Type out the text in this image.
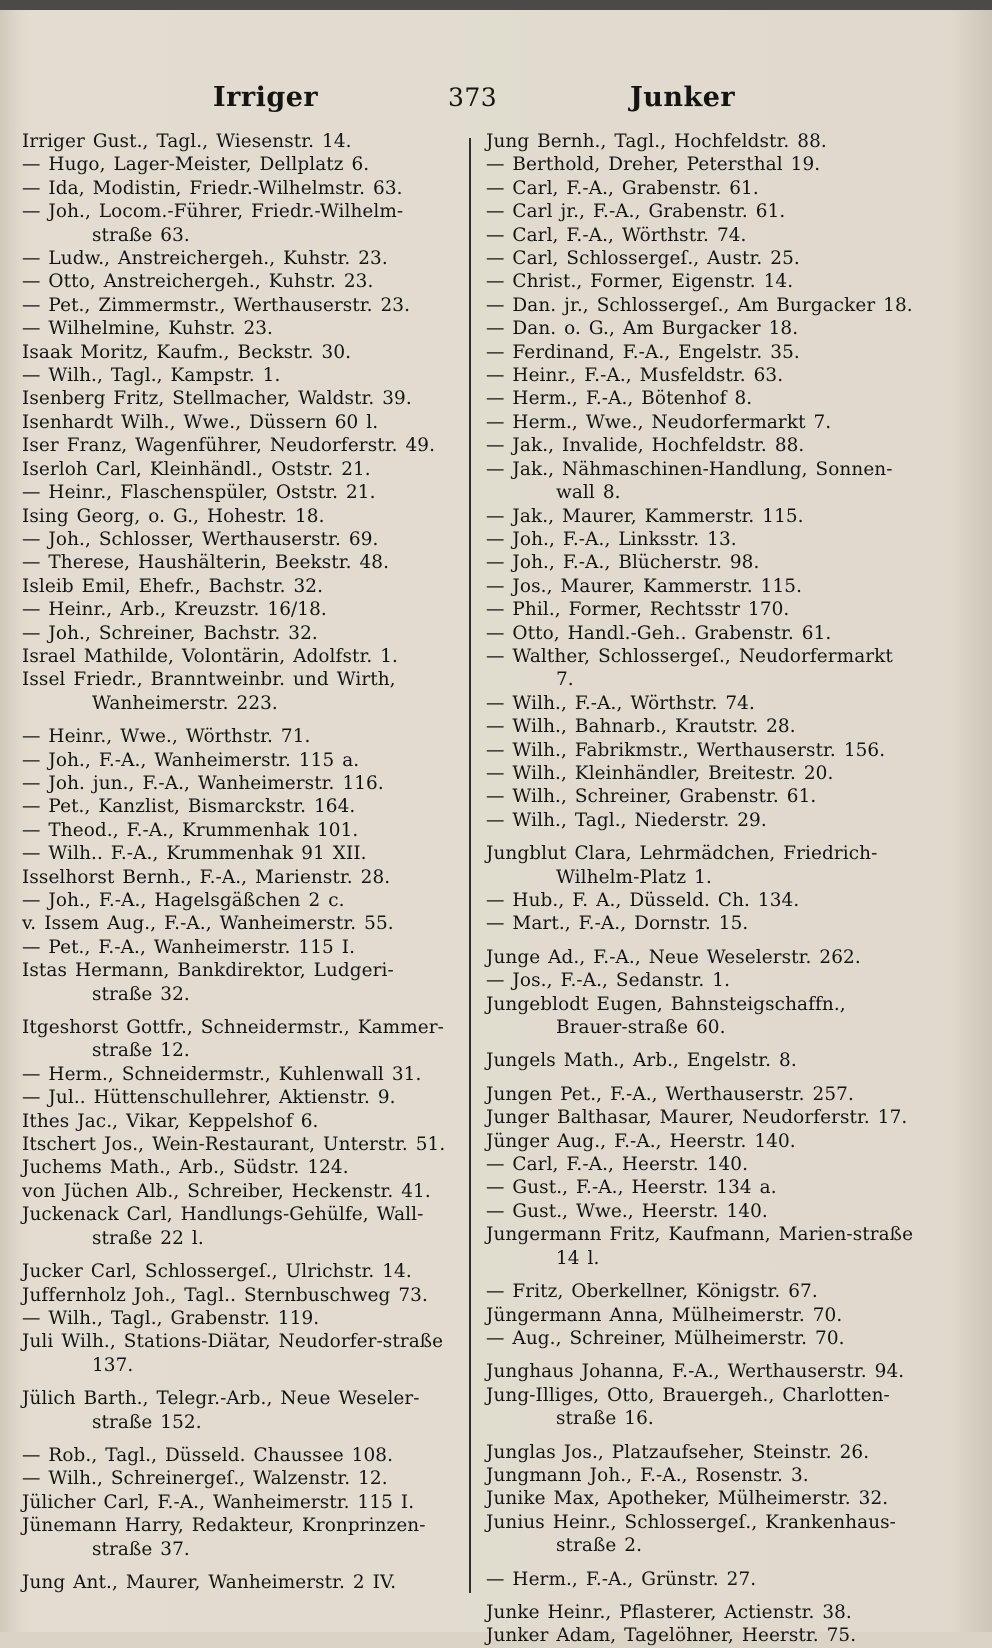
Irriger	373	Junker

Irriger Gust., Tagl., Wiesenstr. 14.

— Hugo, Lager-Meister, Dellplatz 6.

— Ida, Modistin, Friedr.-Wilhelmstr. 63.

— Joh., Locom.-Führer, Friedr.-Wilhelm-straße 63.

— Ludw., Anstreichergeh., Kuhstr. 23.

— Otto, Anstreichergeh., Kuhstr. 23.

— Pet., Zimmermstr., Werthauserstr. 23.

— Wilhelmine, Kuhstr. 23.

Isaak Moritz, Kaufm., Beckstr. 30.

— Wilh., Tagl., Kampstr. 1.

Isenberg Fritz, Stellmacher, Waldstr. 39.

Isenhardt Wilh., Wwe., Düssern 60 l.

Iser Franz, Wagenführer, Neudorferstr. 49.

Iserloh Carl, Kleinhändl., Oststr. 21.

— Heinr., Flaschenspüler, Oststr. 21.

Ising Georg, o. G., Hohestr. 18.

— Joh., Schlosser, Werthauserstr. 69.

— Therese, Haushälterin, Beekstr. 48.

Isleib Emil, Ehefr., Bachstr. 32.

— Heinr., Arb., Kreuzstr. 16/18.

— Joh., Schreiner, Bachstr. 32.

Israel Mathilde, Volontärin, Adolfstr. 1.

Issel Friedr., Branntweinbr. und Wirth, Wanheimerstr. 223.

— Heinr., Wwe., Wörthstr. 71.

— Joh., F.-A., Wanheimerstr. 115 a.

— Joh. jun., F.-A., Wanheimerstr. 116.

— Pet., Kanzlist, Bismarckstr. 164.

— Theod., F.-A., Krummenhak 101.

— Wilh.. F.-A., Krummenhak 91 XII.

Isselhorst Bernh., F.-A., Marienstr. 28.

— Joh., F.-A., Hagelsgäßchen 2 c.

v. Issem Aug., F.-A., Wanheimerstr. 55.

— Pet., F.-A., Wanheimerstr. 115 I.

Istas Hermann, Bankdirektor, Ludgeri-straße 32.

Itgeshorst Gottfr., Schneidermstr., Kammer-straße 12.

— Herm., Schneidermstr., Kuhlenwall 31.

— Jul.. Hüttenschullehrer, Aktienstr. 9.

Ithes Jac., Vikar, Keppelshof 6.

Itschert Jos., Wein-Restaurant, Unterstr. 51.

Juchems Math., Arb., Südstr. 124.

von Jüchen Alb., Schreiber, Heckenstr. 41.

Juckenack Carl, Handlungs-Gehülfe, Wall-straße 22 l.

Jucker Carl, Schlossergeſ., Ulrichstr. 14.

Juffernholz Joh., Tagl.. Sternbuschweg 73.

— Wilh., Tagl., Grabenstr. 119.

Juli Wilh., Stations-Diätar, Neudorfer-straße 137.

Jülich Barth., Telegr.-Arb., Neue Weseler-straße 152.

— Rob., Tagl., Düsseld. Chaussee 108.

— Wilh., Schreinergeſ., Walzenstr. 12.

Jülicher Carl, F.-A., Wanheimerstr. 115 I.

Jünemann Harry, Redakteur, Kronprinzen-straße 37.

Jung Ant., Maurer, Wanheimerstr. 2 IV.

Jung Bernh., Tagl., Hochfeldstr. 88.

— Berthold, Dreher, Petersthal 19.

— Carl, F.-A., Grabenstr. 61.

— Carl jr., F.-A., Grabenstr. 61.

— Carl, F.-A., Wörthstr. 74.

— Carl, Schlossergeſ., Austr. 25.

— Christ., Former, Eigenstr. 14.

— Dan. jr., Schlossergeſ., Am Burgacker 18.

— Dan. o. G., Am Burgacker 18.

— Ferdinand, F.-A., Engelstr. 35.

— Heinr., F.-A., Musfeldstr. 63.

— Herm., F.-A., Bötenhof 8.

— Herm., Wwe., Neudorfermarkt 7.

— Jak., Invalide, Hochfeldstr. 88.

— Jak., Nähmaschinen-Handlung, Sonnen-wall 8.

— Jak., Maurer, Kammerstr. 115.

— Joh., F.-A., Linksstr. 13.

— Joh., F.-A., Blücherstr. 98.

— Jos., Maurer, Kammerstr. 115.

— Phil., Former, Rechtsstr 170.

— Otto, Handl.-Geh.. Grabenstr. 61.

— Walther, Schlossergeſ., Neudorfermarkt 7.

— Wilh., F.-A., Wörthstr. 74.

— Wilh., Bahnarb., Krautstr. 28.

— Wilh., Fabrikmstr., Werthauserstr. 156.

— Wilh., Kleinhändler, Breitestr. 20.

— Wilh., Schreiner, Grabenstr. 61.

— Wilh., Tagl., Niederstr. 29.

Jungblut Clara, Lehrmädchen, Friedrich-Wilhelm-Platz 1.

— Hub., F. A., Düsseld. Ch. 134.

— Mart., F.-A., Dornstr. 15.

Junge Ad., F.-A., Neue Weselerstr. 262.

— Jos., F.-A., Sedanstr. 1.

Jungeblodt Eugen, Bahnsteigschaffn., Brauer-straße 60.

Jungels Math., Arb., Engelstr. 8.

Jungen Pet., F.-A., Werthauserstr. 257.

Junger Balthasar, Maurer, Neudorferstr. 17.

Jünger Aug., F.-A., Heerstr. 140.

— Carl, F.-A., Heerstr. 140.

— Gust., F.-A., Heerstr. 134 a.

— Gust., Wwe., Heerstr. 140.

Jungermann Fritz, Kaufmann, Marien-straße 14 l.

— Fritz, Oberkellner, Königstr. 67.

Jüngermann Anna, Mülheimerstr. 70.

— Aug., Schreiner, Mülheimerstr. 70.

Junghaus Johanna, F.-A., Werthauserstr. 94.

Jung-Illiges, Otto, Brauergeh., Charlotten-straße 16.

Junglas Jos., Platzaufseher, Steinstr. 26.

Jungmann Joh., F.-A., Rosenstr. 3.

Junike Max, Apotheker, Mülheimerstr. 32.

Junius Heinr., Schlossergeſ., Krankenhaus-straße 2.

— Herm., F.-A., Grünstr. 27.

Junke Heinr., Pflasterer, Actienstr. 38.

Junker Adam, Tagelöhner, Heerstr. 75.
